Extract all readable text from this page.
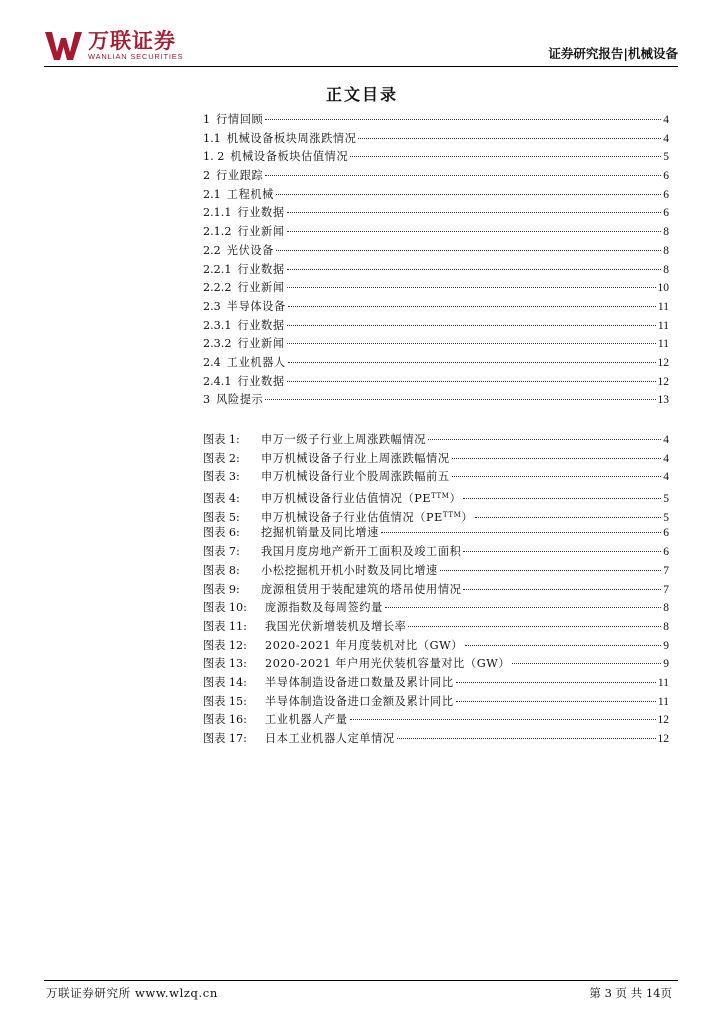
万联证券
WANLIAN SECURITIES	证券研究报告|机械设备
正文目录
1 行情回顾	4
1.1 机械设备板块周涨跌情况	4
1. 2 机械设备板块估值情况	5
2 行业跟踪	6
2.1 工程机械	6
2.1.1 行业数据	6
2.1.2 行业新闻	8
2.2 光伏设备	8
2.2.1 行业数据	8
2.2.2 行业新闻	10
2.3 半导体设备	11
2.3.1 行业数据	11
2.3.2 行业新闻	11
2.4 工业机器人	12
2.4.1 行业数据	12
3 风险提示	13
图表 1:	申万一级子行业上周涨跌幅情况	4
图表 2:	申万机械设备子行业上周涨跌幅情况	4
图表 3:	申万机械设备行业个股周涨跌幅前五	4
图表 4:	申万机械设备行业估值情况$(PE^{TTM})$	5
图表 5:	申万机械设备子行业估值情况$(PE^{TTM})$	5
图表 6:	挖掘机销量及同比增速	6
图表 7:	我国月度房地产新开工面积及竣工面积	6
图表 8:	小松挖掘机开机小时数及同比增速	7
图表 9:	庞源租赁用于装配建筑的塔吊使用情况	7
图表 10:	庞源指数及每周签约量	8
图表 11:	我国光伏新增装机及增长率	8
图表 12:	2020-2021 年月度装机对比（GW）	9
图表 13:	2020-2021 年户用光伏装机容量对比（GW）	9
图表 14:	半导体制造设备进口数量及累计同比	11
图表 15:	半导体制造设备进口金额及累计同比	11
图表 16:	工业机器人产量	12
图表 17:	日本工业机器人定单情况	12
万联证券研究所 www.wlzq.cn	第 3 页 共 14页
